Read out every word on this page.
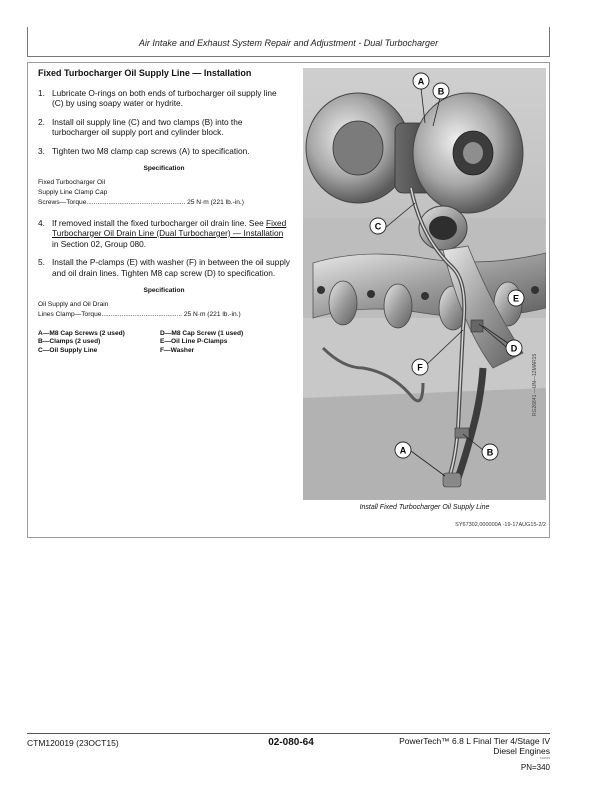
Air Intake and Exhaust System Repair and Adjustment - Dual Turbocharger
Fixed Turbocharger Oil Supply Line — Installation
1. Lubricate O-rings on both ends of turbocharger oil supply line (C) by using soapy water or hydrite.
2. Install oil supply line (C) and two clamps (B) into the turbocharger oil supply port and cylinder block.
3. Tighten two M8 clamp cap screws (A) to specification.
Specification
Fixed Turbocharger Oil
Supply Line Clamp Cap
Screws—Torque...................................................... 25 N·m (221 lb.-in.)
4. If removed install the fixed turbocharger oil drain line. See Fixed Turbocharger Oil Drain Line (Dual Turbocharger) — Installation in Section 02, Group 080.
5. Install the P-clamps (E) with washer (F) in between the oil supply and oil drain lines. Tighten M8 cap screw (D) to specification.
Specification
Oil Supply and Oil Drain
Lines Clamp—Torque............................................ 25 N·m (221 lb.-in.)
A—M8 Cap Screws (2 used)	D—M8 Cap Screw (1 used)
B—Clamps (2 used)	E—Oil Line P-Clamps
C—Oil Supply Line	F—Washer
A
B
C
E
D
F
A	B
RG26841 —UN—12MAR15
Install Fixed Turbocharger Oil Supply Line
SY67302,000000A -19-17AUG15-2/2
CTM120019 (23OCT15)	02-080-64	PowerTech™ 6.8 L Final Tier 4/Stage IV
Diesel Engines
102615
PN=340
